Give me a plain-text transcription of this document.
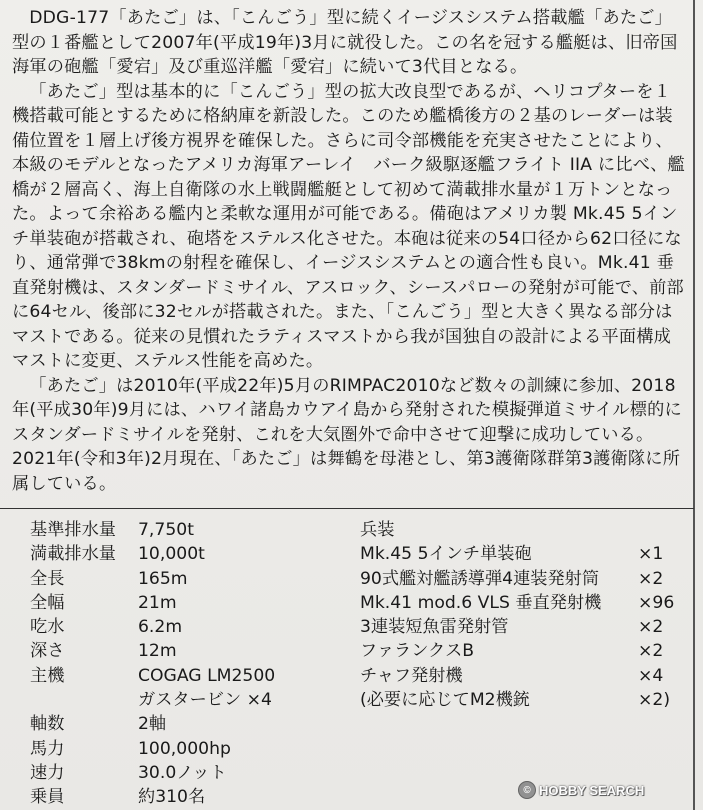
DDG-177「あたご」は、「こんごう」型に続くイージスシステム搭載艦「あたご」型の１番艦として2007年(平成19年)3月に就役した。この名を冠する艦艇は、旧帝国海軍の砲艦「愛宕」及び重巡洋艦「愛宕」に続いて3代目となる。

「あたご」型は基本的に「こんごう」型の拡大改良型であるが、ヘリコプターを１機搭載可能とするために格納庫を新設した。このため艦橋後方の２基のレーダーは装備位置を１層上げ後方視界を確保した。さらに司令部機能を充実させたことにより、本級のモデルとなったアメリカ海軍アーレイ　バーク級駆逐艦フライト IIA に比べ、艦橋が２層高く、海上自衛隊の水上戦闘艦艇として初めて満載排水量が１万トンとなった。よって余裕ある艦内と柔軟な運用が可能である。備砲はアメリカ製 Mk.45 5インチ単装砲が搭載され、砲塔をステルス化させた。本砲は従来の54口径から62口径になり、通常弾で38kmの射程を確保し、イージスシステムとの適合性も良い。Mk.41 垂直発射機は、スタンダードミサイル、アスロック、シースパローの発射が可能で、前部に64セル、後部に32セルが搭載された。また、「こんごう」型と大きく異なる部分はマストである。従来の見慣れたラティスマストから我が国独自の設計による平面構成マストに変更、ステルス性能を高めた。

「あたご」は2010年(平成22年)5月のRIMPAC2010など数々の訓練に参加、2018年(平成30年)9月には、ハワイ諸島カウアイ島から発射された模擬弾道ミサイル標的にスタンダードミサイルを発射、これを大気圏外で命中させて迎撃に成功している。2021年(令和3年)2月現在、「あたご」は舞鶴を母港とし、第3護衛隊群第3護衛隊に所属している。

基準排水量	7,750t
満載排水量	10,000t
全長	165m
全幅	21m
吃水	6.2m
深さ	12m
主機	COGAG LM2500
ガスタービン ×4
軸数	2軸
馬力	100,000hp
速力	30.0ノット
乗員	約310名
兵装
Mk.45 5インチ単装砲	×1
90式艦対艦誘導弾4連装発射筒	×2
Mk.41 mod.6 VLS 垂直発射機	×96
3連装短魚雷発射管	×2
ファランクスB	×2
チャフ発射機	×4
(必要に応じてM2機銃	×2)
© HOBBY SEARCH
